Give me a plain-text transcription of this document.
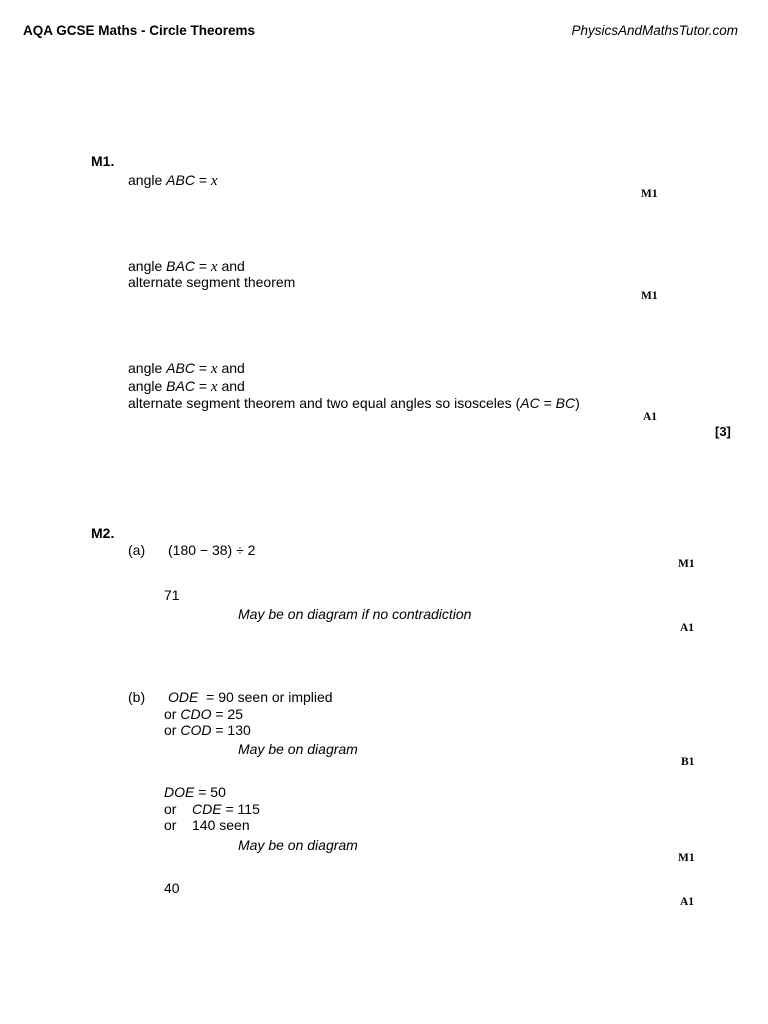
AQA GCSE Maths - Circle Theorems	PhysicsAndMathsTutor.com
M1.
angle ABC = x
M1
angle BAC = x and
alternate segment theorem
M1
angle ABC = x and
angle BAC = x and
alternate segment theorem and two equal angles so isosceles (AC = BC)
A1
[3]
M2.
(a) (180 − 38) ÷ 2
M1
71
May be on diagram if no contradiction
A1
(b) ODE  = 90 seen or implied
or CDO = 25
or COD = 130
May be on diagram
B1
DOE = 50
or    CDE = 115
or    140 seen
May be on diagram
M1
40
A1
